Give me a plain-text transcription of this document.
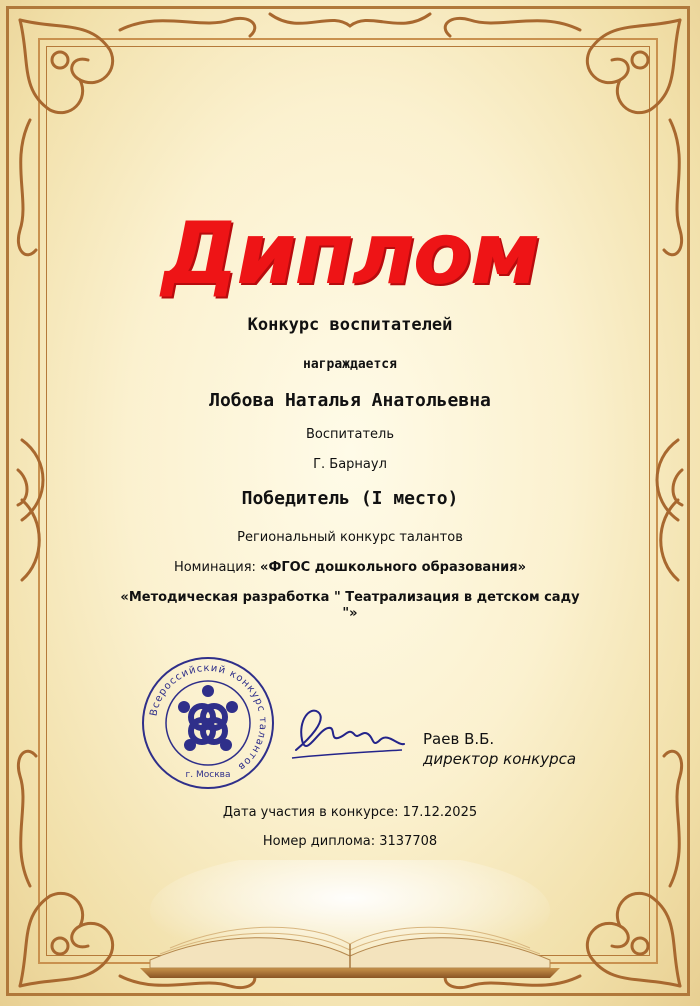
Диплом
Конкурс воспитателей
награждается
Лобова Наталья Анатольевна
Воспитатель
Г. Барнаул
Победитель (I место)
Региональный конкурс талантов
Номинация: «ФГОС дошкольного образования»
«Методическая разработка " Театрализация в детском саду "»
Всероссийский конкурс талантов
г. Москва
Раев В.Б.
директор конкурса
Дата участия в конкурсе: 17.12.2025
Номер диплома: 3137708
